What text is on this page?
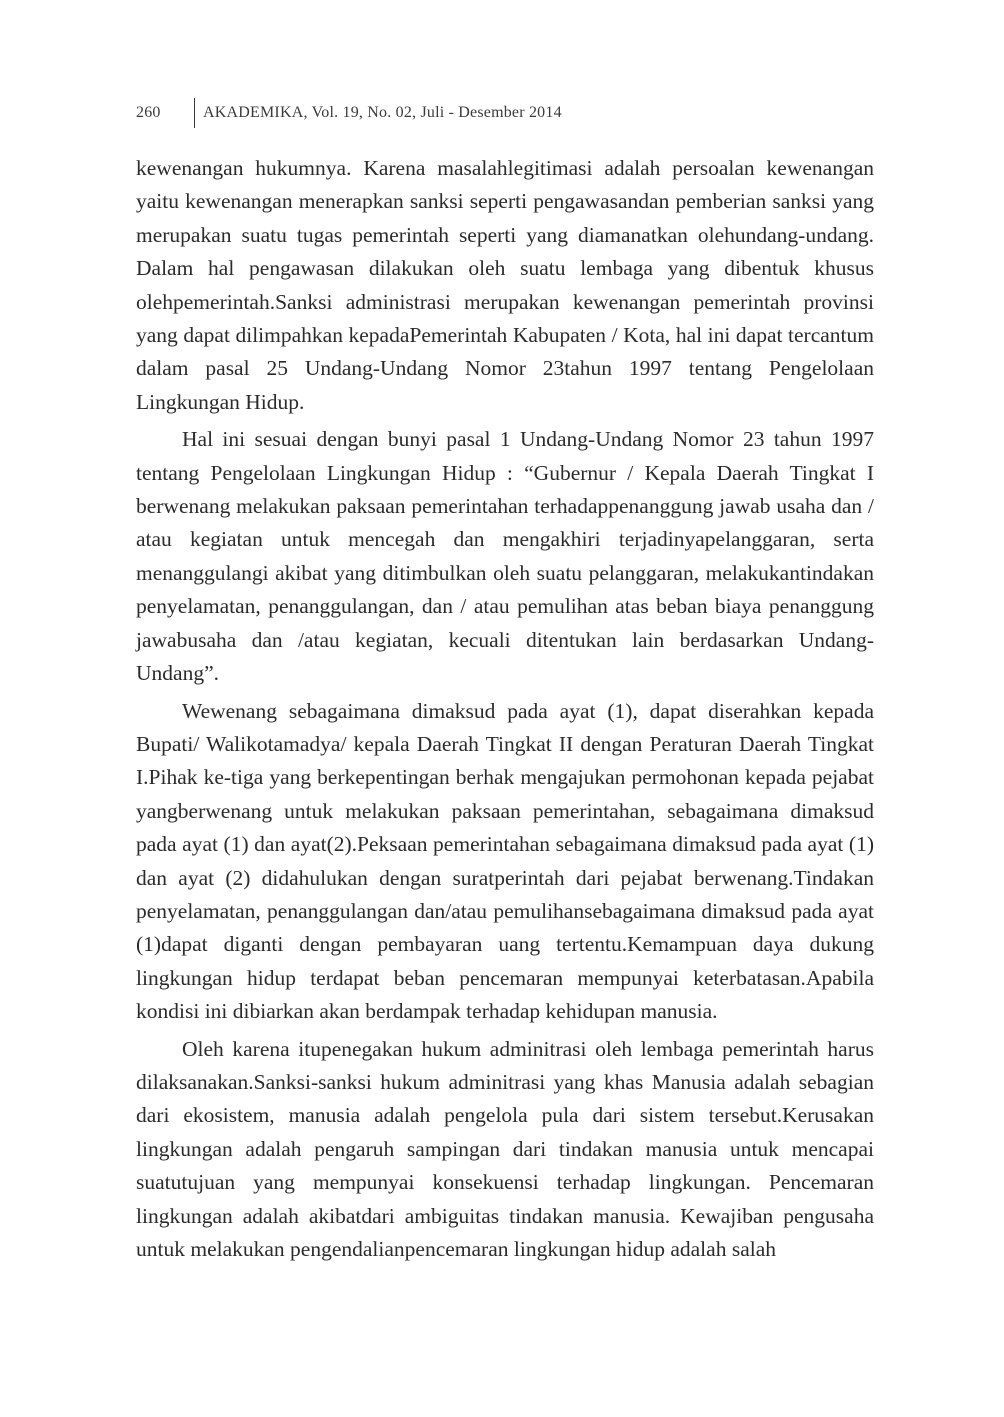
260	AKADEMIKA, Vol. 19, No. 02, Juli - Desember 2014

kewenangan hukumnya. Karena masalahlegitimasi adalah persoalan kewenangan yaitu kewenangan menerapkan sanksi seperti pengawasandan pemberian sanksi yang merupakan suatu tugas pemerintah seperti yang diamanatkan olehundang-undang. Dalam hal pengawasan dilakukan oleh suatu lembaga yang dibentuk khusus olehpemerintah.Sanksi administrasi merupakan kewenangan pemerintah provinsi yang dapat dilimpahkan kepadaPemerintah Kabupaten / Kota, hal ini dapat tercantum dalam pasal 25 Undang-Undang Nomor 23tahun 1997 tentang Pengelolaan Lingkungan Hidup.

Hal ini sesuai dengan bunyi pasal 1 Undang-Undang Nomor 23 tahun 1997 tentang Pengelolaan Lingkungan Hidup : “Gubernur / Kepala Daerah Tingkat I berwenang melakukan paksaan pemerintahan terhadappenanggung jawab usaha dan / atau kegiatan untuk mencegah dan mengakhiri terjadinyapelanggaran, serta menanggulangi akibat yang ditimbulkan oleh suatu pelanggaran, melakukantindakan penyelamatan, penanggulangan, dan / atau pemulihan atas beban biaya penanggung jawabusaha dan /atau kegiatan, kecuali ditentukan lain berdasarkan Undang-Undang”.

Wewenang sebagaimana dimaksud pada ayat (1), dapat diserahkan kepada Bupati/ Walikotamadya/ kepala Daerah Tingkat II dengan Peraturan Daerah Tingkat I.Pihak ke-tiga yang berkepentingan berhak mengajukan permohonan kepada pejabat yangberwenang untuk melakukan paksaan pemerintahan, sebagaimana dimaksud pada ayat (1) dan ayat(2).Peksaan pemerintahan sebagaimana dimaksud pada ayat (1) dan ayat (2) didahulukan dengan suratperintah dari pejabat berwenang.Tindakan penyelamatan, penanggulangan dan/atau pemulihansebagaimana dimaksud pada ayat (1)dapat diganti dengan pembayaran uang tertentu.Kemampuan daya dukung lingkungan hidup terdapat beban pencemaran mempunyai keterbatasan.Apabila kondisi ini dibiarkan akan berdampak terhadap kehidupan manusia.

Oleh karena itupenegakan hukum adminitrasi oleh lembaga pemerintah harus dilaksanakan.Sanksi-sanksi hukum adminitrasi yang khas Manusia adalah sebagian dari ekosistem, manusia adalah pengelola pula dari sistem tersebut.Kerusakan lingkungan adalah pengaruh sampingan dari tindakan manusia untuk mencapai suatutujuan yang mempunyai konsekuensi terhadap lingkungan. Pencemaran lingkungan adalah akibatdari ambiguitas tindakan manusia. Kewajiban pengusaha untuk melakukan pengendalianpencemaran lingkungan hidup adalah salah
